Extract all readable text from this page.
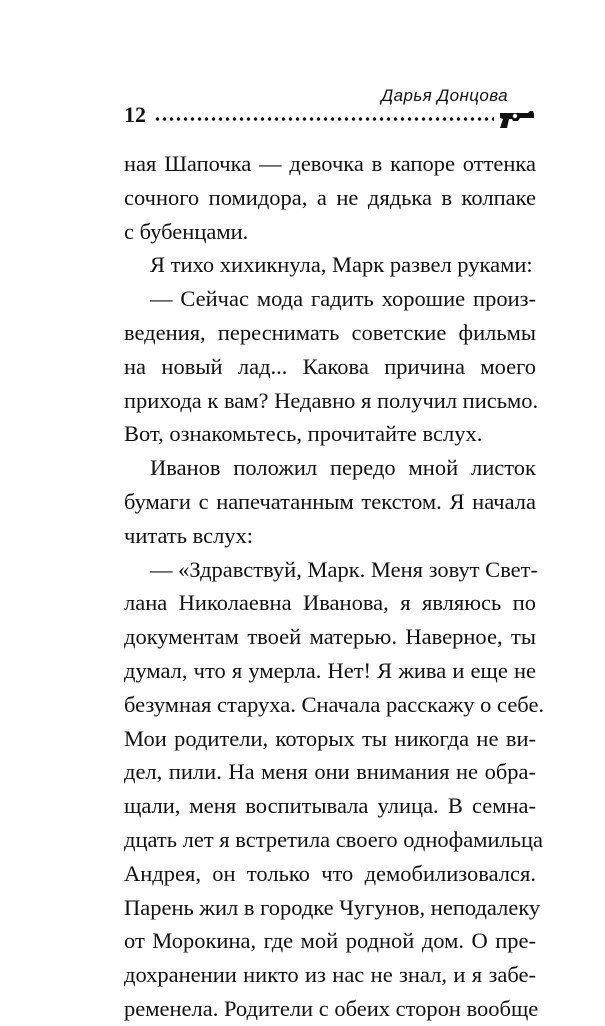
12
Дарья Донцова
ная Шапочка — девочка в капоре оттенка
сочного помидора, а не дядька в колпаке
с бубенцами.
Я тихо хихикнула, Марк развел руками:
— Сейчас мода гадить хорошие произ-
ведения, переснимать советские фильмы
на новый лад... Какова причина моего
прихода к вам? Недавно я получил письмо.
Вот, ознакомьтесь, прочитайте вслух.
Иванов положил передо мной листок
бумаги с напечатанным текстом. Я начала
читать вслух:
— «Здравствуй, Марк. Меня зовут Свет-
лана Николаевна Иванова, я являюсь по
документам твоей матерью. Наверное, ты
думал, что я умерла. Нет! Я жива и еще не
безумная старуха. Сначала расскажу о себе.
Мои родители, которых ты никогда не ви-
дел, пили. На меня они внимания не обра-
щали, меня воспитывала улица. В семна-
дцать лет я встретила своего однофамильца
Андрея, он только что демобилизовался.
Парень жил в городке Чугунов, неподалеку
от Морокина, где мой родной дом. О пре-
дохранении никто из нас не знал, и я забе-
ременела. Родители с обеих сторон вообще
